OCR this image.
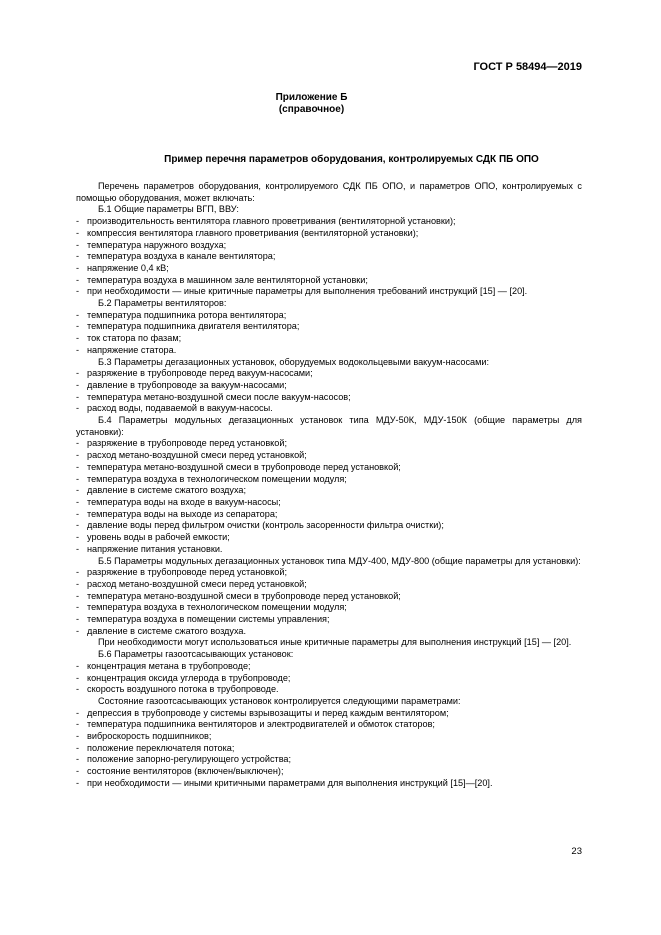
ГОСТ Р 58494—2019
Приложение Б
(справочное)
Пример перечня параметров оборудования, контролируемых СДК ПБ ОПО

Перечень параметров оборудования, контролируемого СДК ПБ ОПО, и параметров ОПО, контролируемых с помощью оборудования, может включать:

Б.1 Общие параметры ВГП, ВВУ:

- производительность вентилятора главного проветривания (вентиляторной установки);

- компрессия вентилятора главного проветривания (вентиляторной установки);

- температура наружного воздуха;

- температура воздуха в канале вентилятора;

- напряжение 0,4 кВ;

- температура воздуха в машинном зале вентиляторной установки;

- при необходимости — иные критичные параметры для выполнения требований инструкций [15] — [20].

Б.2 Параметры вентиляторов:

- температура подшипника ротора вентилятора;

- температура подшипника двигателя вентилятора;

- ток статора по фазам;

- напряжение статора.

Б.3 Параметры дегазационных установок, оборудуемых водокольцевыми вакуум-насосами:

- разряжение в трубопроводе перед вакуум-насосами;

- давление в трубопроводе за вакуум-насосами;

- температура метано-воздушной смеси после вакуум-насосов;

- расход воды, подаваемой в вакуум-насосы.

Б.4 Параметры модульных дегазационных установок типа МДУ-50К, МДУ-150К (общие параметры для установки):

- разряжение в трубопроводе перед установкой;

- расход метано-воздушной смеси перед установкой;

- температура метано-воздушной смеси в трубопроводе перед установкой;

- температура воздуха в технологическом помещении модуля;

- давление в системе сжатого воздуха;

- температура воды на входе в вакуум-насосы;

- температура воды на выходе из сепаратора;

- давление воды перед фильтром очистки (контроль засоренности фильтра очистки);

- уровень воды в рабочей емкости;

- напряжение питания установки.

Б.5 Параметры модульных дегазационных установок типа МДУ-400, МДУ-800 (общие параметры для установки):

- разряжение в трубопроводе перед установкой;

- расход метано-воздушной смеси перед установкой;

- температура метано-воздушной смеси в трубопроводе перед установкой;

- температура воздуха в технологическом помещении модуля;

- температура воздуха в помещении системы управления;

- давление в системе сжатого воздуха.

При необходимости могут использоваться иные критичные параметры для выполнения инструкций [15] — [20].

Б.6 Параметры газоотсасывающих установок:

- концентрация метана в трубопроводе;

- концентрация оксида углерода в трубопроводе;

- скорость воздушного потока в трубопроводе.

Состояние газоотсасывающих установок контролируется следующими параметрами:

- депрессия в трубопроводе у системы взрывозащиты и перед каждым вентилятором;

- температура подшипника вентиляторов и электродвигателей и обмоток статоров;

- виброскорость подшипников;

- положение переключателя потока;

- положение запорно-регулирующего устройства;

- состояние вентиляторов (включен/выключен);

- при необходимости — иными критичными параметрами для выполнения инструкций [15]—[20].

23
